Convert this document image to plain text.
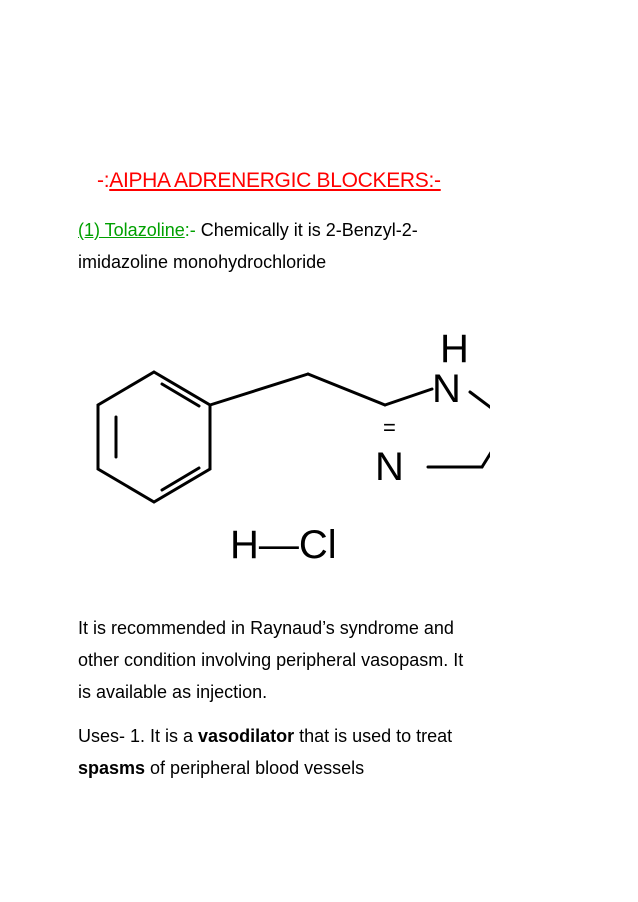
-:AIPHA ADRENERGIC BLOCKERS:-
(1) Tolazoline:- Chemically it is 2-Benzyl-2-
imidazoline monohydrochloride
=
H
N
N
H—Cl
It is recommended in Raynaud’s syndrome and
other condition involving peripheral vasopasm. It
is available as injection.
Uses- 1. It is a vasodilator that is used to treat
spasms of peripheral blood vessels
